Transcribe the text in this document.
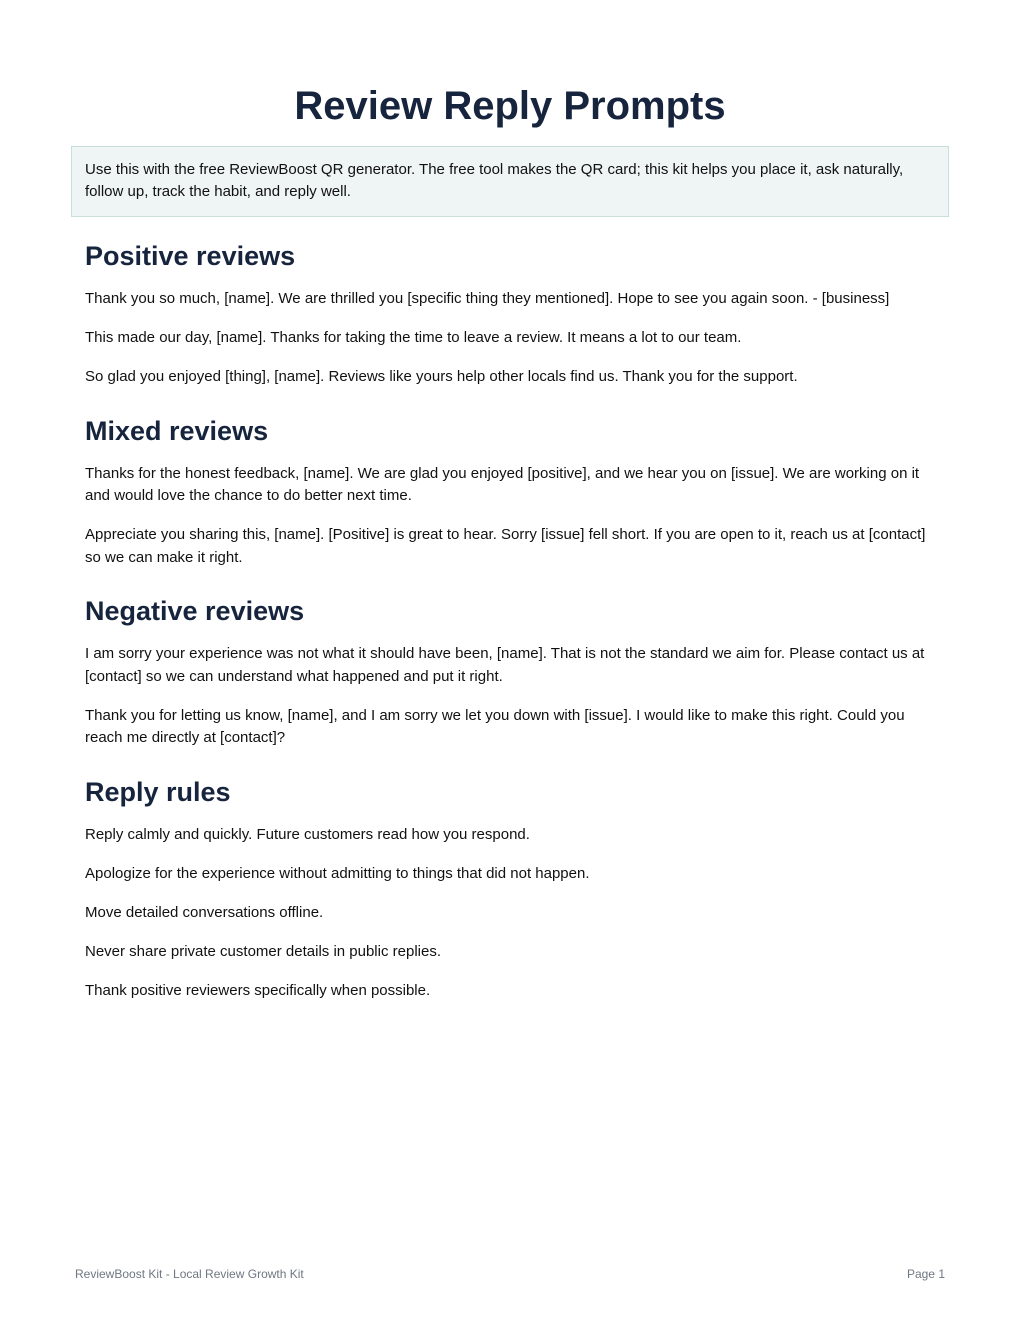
Review Reply Prompts
Use this with the free ReviewBoost QR generator. The free tool makes the QR card; this kit helps you place it, ask naturally, follow up, track the habit, and reply well.
Positive reviews

Thank you so much, [name]. We are thrilled you [specific thing they mentioned]. Hope to see you again soon. - [business]

This made our day, [name]. Thanks for taking the time to leave a review. It means a lot to our team.

So glad you enjoyed [thing], [name]. Reviews like yours help other locals find us. Thank you for the support.

Mixed reviews

Thanks for the honest feedback, [name]. We are glad you enjoyed [positive], and we hear you on [issue]. We are working on it and would love the chance to do better next time.

Appreciate you sharing this, [name]. [Positive] is great to hear. Sorry [issue] fell short. If you are open to it, reach us at [contact] so we can make it right.

Negative reviews

I am sorry your experience was not what it should have been, [name]. That is not the standard we aim for. Please contact us at [contact] so we can understand what happened and put it right.

Thank you for letting us know, [name], and I am sorry we let you down with [issue]. I would like to make this right. Could you reach me directly at [contact]?

Reply rules

Reply calmly and quickly. Future customers read how you respond.

Apologize for the experience without admitting to things that did not happen.

Move detailed conversations offline.

Never share private customer details in public replies.

Thank positive reviewers specifically when possible.

ReviewBoost Kit - Local Review Growth Kit	Page 1
